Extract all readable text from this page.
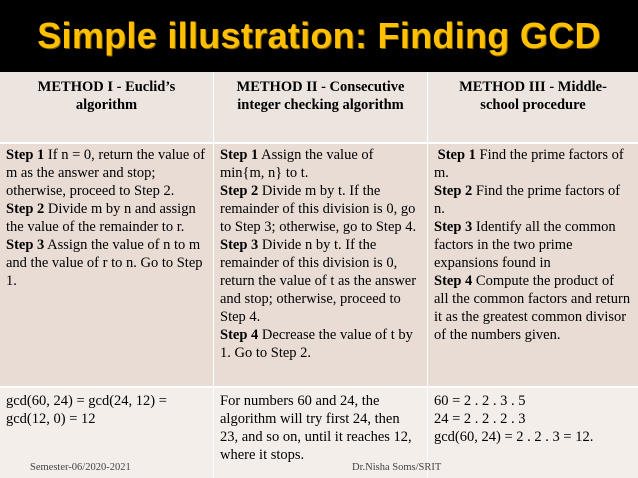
Simple illustration: Finding GCD
METHOD I - Euclid’s algorithm
METHOD II - Consecutive integer checking algorithm
METHOD III - Middle-school procedure
Step 1 If n = 0, return the value of m as the answer and stop; otherwise, proceed to Step 2.
Step 2 Divide m by n and assign the value of the remainder to r.
Step 3 Assign the value of n to m and the value of r to n. Go to Step 1.
Step 1 Assign the value of min{m, n} to t.
Step 2 Divide m by t. If the remainder of this division is 0, go to Step 3; otherwise, go to Step 4.
Step 3 Divide n by t. If the remainder of this division is 0, return the value of t as the answer and stop; otherwise, proceed to Step 4.
Step 4 Decrease the value of t by 1. Go to Step 2.
Step 1 Find the prime factors of m.
Step 2 Find the prime factors of n.
Step 3 Identify all the common factors in the two prime expansions found in
Step 4 Compute the product of all the common factors and return it as the greatest common divisor of the numbers given.
gcd(60, 24) = gcd(24, 12) = gcd(12, 0) = 12
For numbers 60 and 24, the algorithm will try first 24, then 23, and so on, until it reaches 12, where it stops.
60 = 2 . 2 . 3 . 5
24 = 2 . 2 . 2 . 3
gcd(60, 24) = 2 . 2 . 3 = 12.
Semester-06/2020-2021	Dr.Nisha Soms/SRIT
